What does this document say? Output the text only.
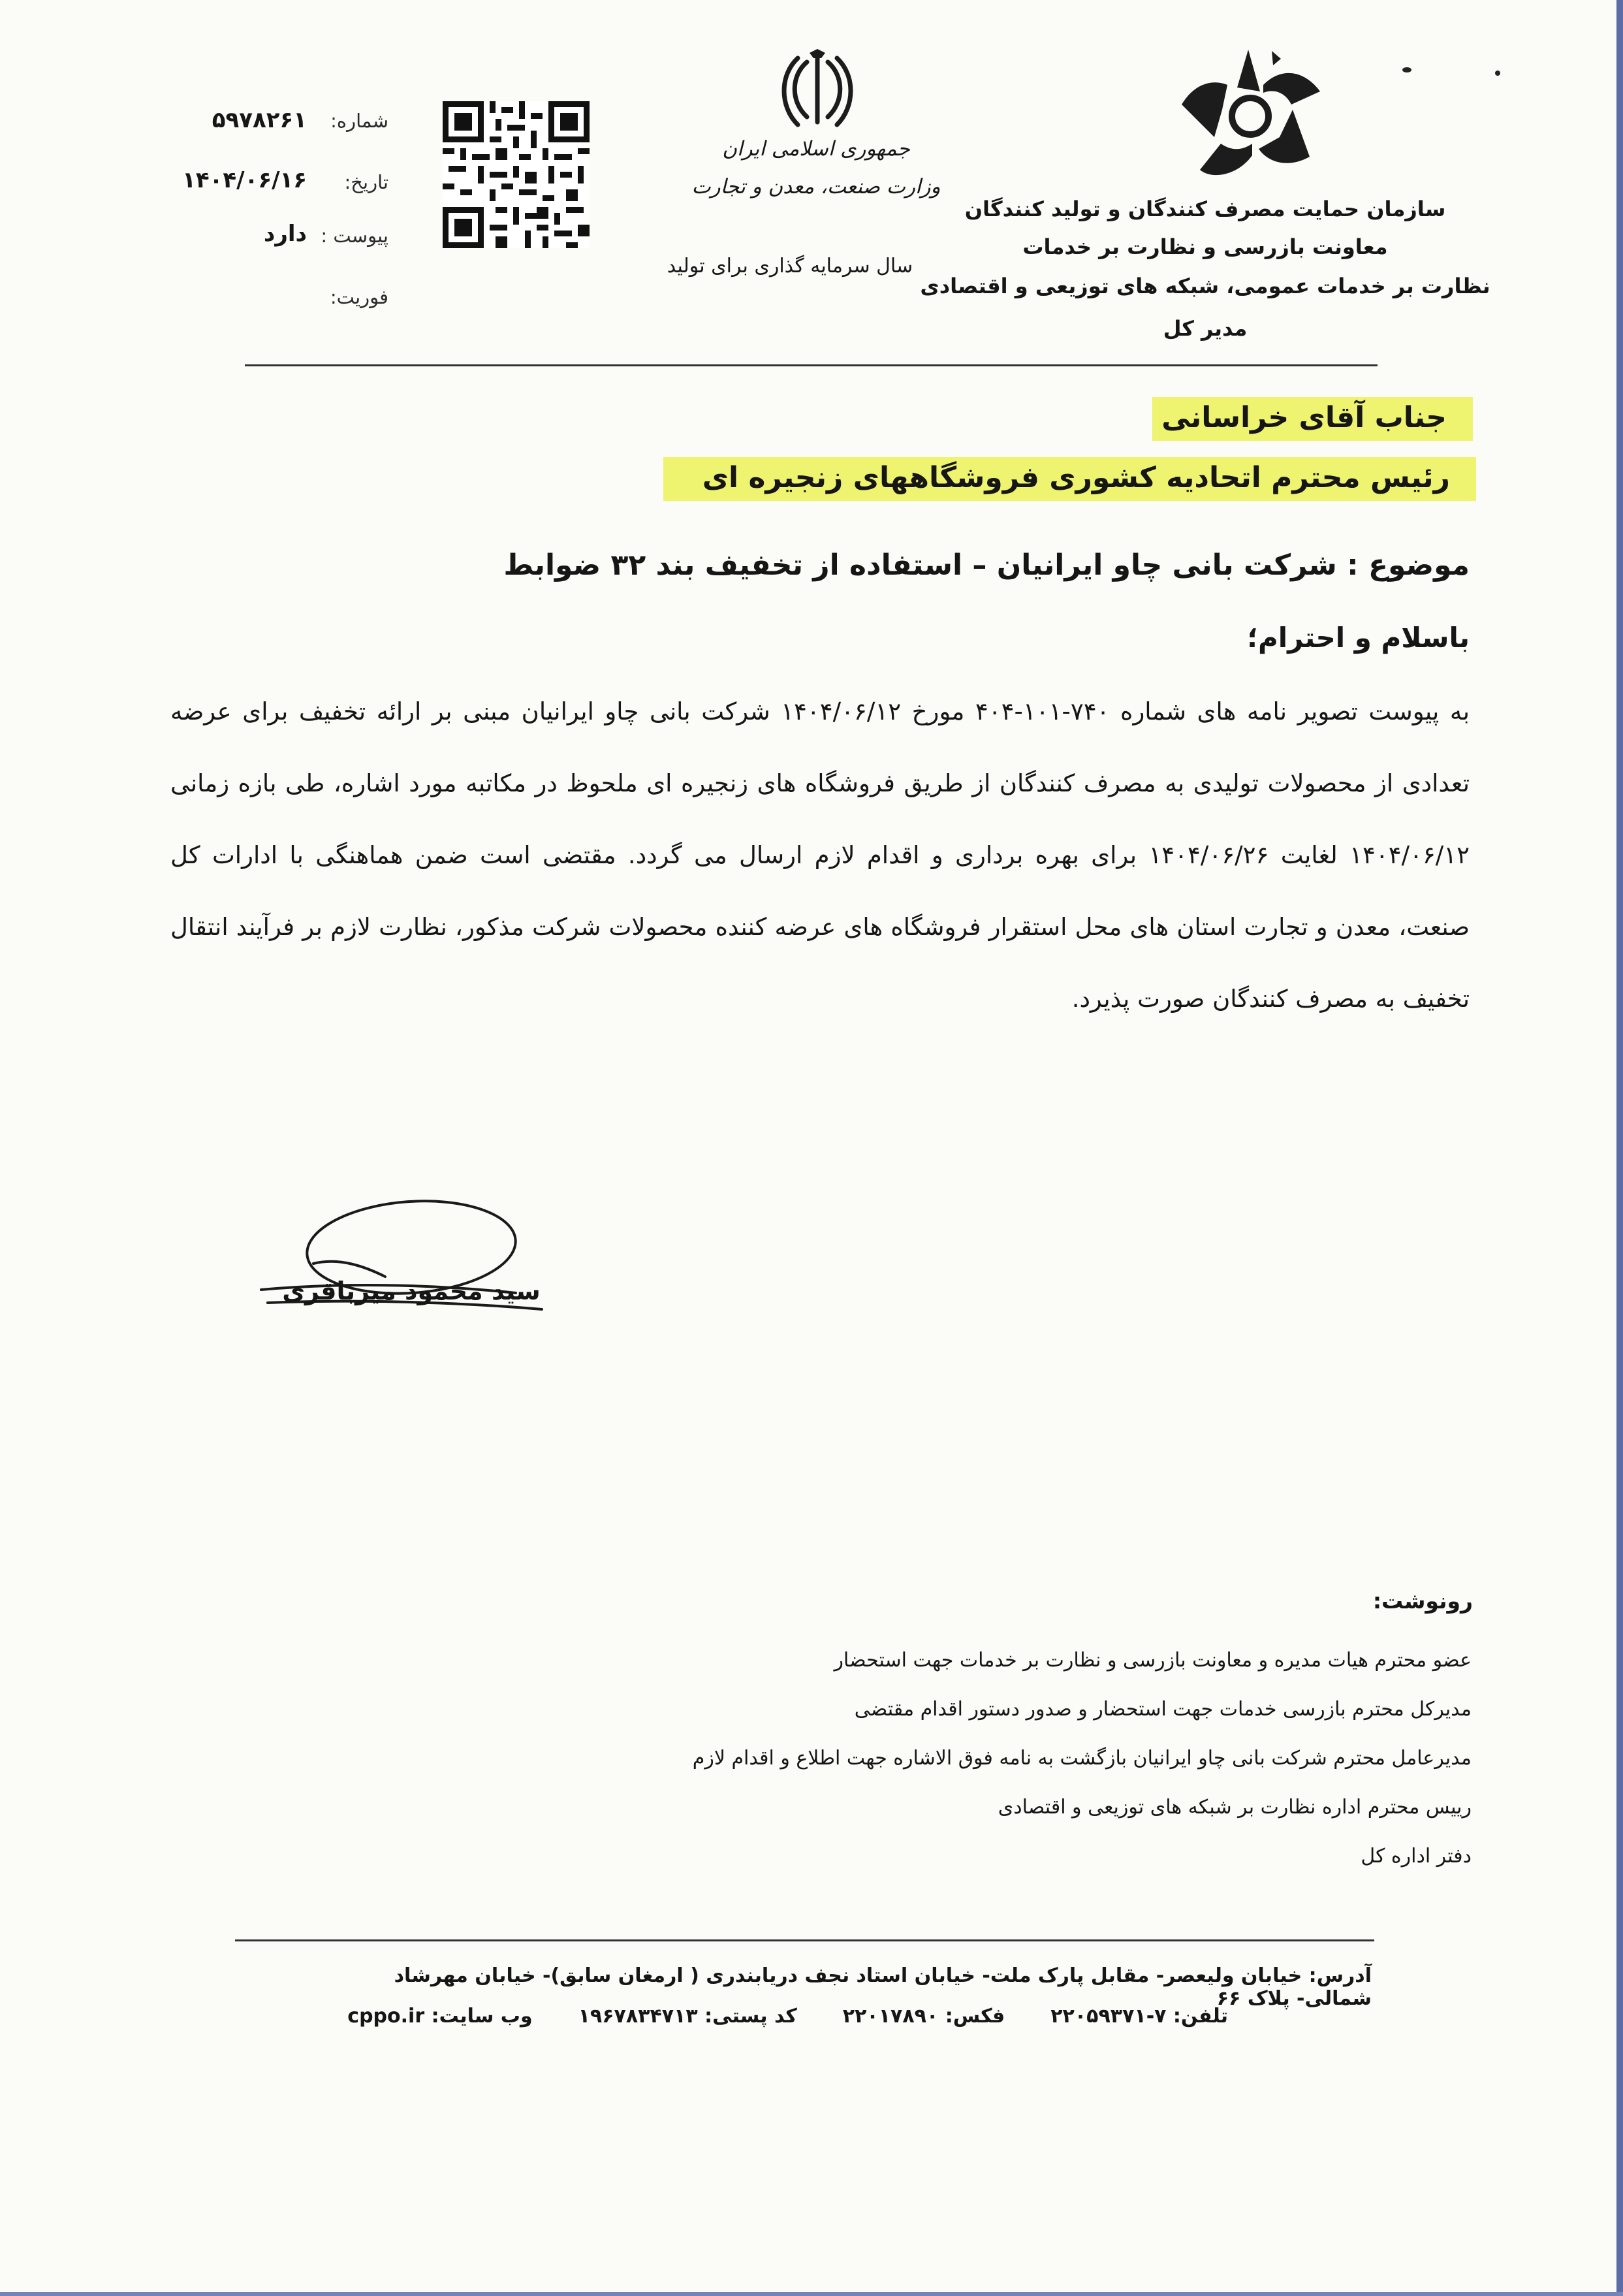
سازمان حمایت مصرف کنندگان و تولید کنندگان
معاونت بازرسی و نظارت بر خدمات
نظارت بر خدمات عمومی، شبکه های توزیعی و اقتصادی
مدیر کل
جمهوری اسلامی ایران
وزارت صنعت، معدن و تجارت
سال سرمایه گذاری برای تولید
شماره:
۵۹۷۸۲۶۱
تاریخ:
۱۴۰۴/۰۶/۱۶
پیوست :
دارد
فوریت:
جناب آقای خراسانی
رئیس محترم اتحادیه کشوری فروشگاههای زنجیره ای
موضوع : شرکت بانی چاو ایرانیان – استفاده از تخفیف بند ۳۲ ضوابط
باسلام و احترام؛
به پیوست تصویر نامه های شماره ۷۴۰-۱۰۱-۴۰۴ مورخ ۱۴۰۴/۰۶/۱۲ شرکت بانی چاو ایرانیان مبنی بر ارائه تخفیف برای عرضه تعدادی از محصولات تولیدی به مصرف کنندگان از طریق فروشگاه های زنجیره ای ملحوظ در مکاتبه مورد اشاره، طی بازه زمانی ۱۴۰۴/۰۶/۱۲ لغایت ۱۴۰۴/۰۶/۲۶ برای بهره برداری و اقدام لازم ارسال می گردد. مقتضی است ضمن هماهنگی با ادارات کل صنعت، معدن و تجارت استان های محل استقرار فروشگاه های عرضه کننده محصولات شرکت مذکور، نظارت لازم بر فرآیند انتقال تخفیف به مصرف کنندگان صورت پذیرد.
سید محمود میرباقری
رونوشت:
عضو محترم هیات مدیره و معاونت بازرسی و نظارت بر خدمات جهت استحضار
مدیرکل محترم بازرسی خدمات جهت استحضار و صدور دستور اقدام مقتضی
مدیرعامل محترم شرکت بانی چاو ایرانیان بازگشت به نامه فوق الاشاره جهت اطلاع و اقدام لازم
رییس محترم اداره نظارت بر شبکه های توزیعی و اقتصادی
دفتر اداره کل
آدرس: خیابان ولیعصر- مقابل پارک ملت- خیابان استاد نجف دریابندری ( ارمغان سابق)- خیابان مهرشاد شمالی- پلاک ۶۶
تلفن: ۷-۲۲۰۵۹۳۷۱
فکس: ۲۲۰۱۷۸۹۰
کد پستی: ۱۹۶۷۸۳۴۷۱۳
وب سایت: cppo.ir
